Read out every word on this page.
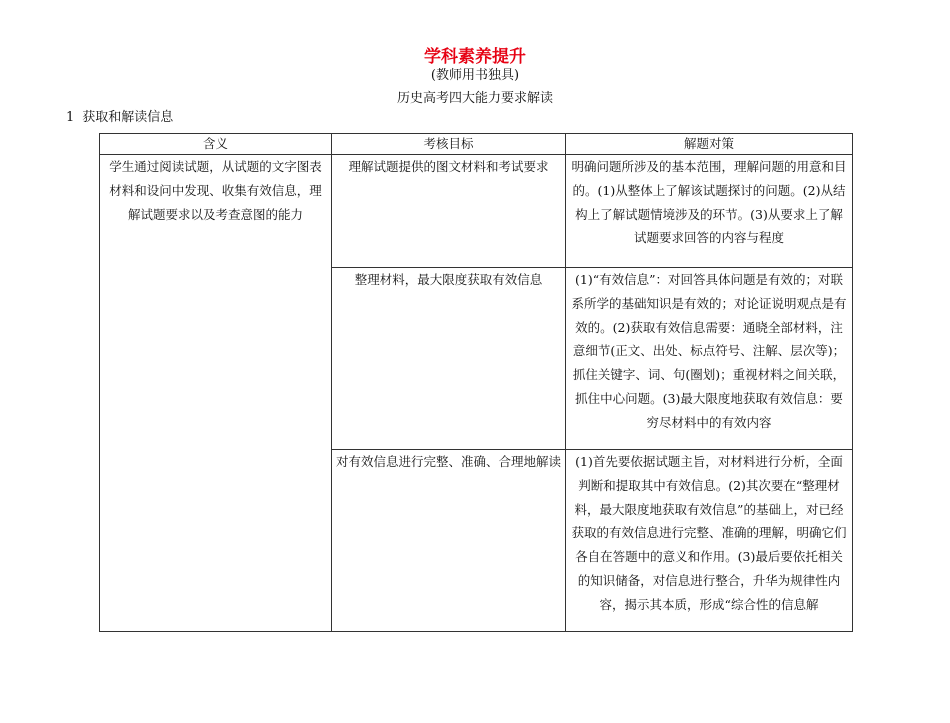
学科素养提升
(教师用书独具)
历史高考四大能力要求解读
1 获取和解读信息
含义	考核目标	解题对策
学生通过阅读试题，从试题的文字图表材料和设问中发现、收集有效信息，理解试题要求以及考查意图的能力	理解试题提供的图文材料和考试要求	明确问题所涉及的基本范围，理解问题的用意和目的。(1)从整体上了解该试题探讨的问题。(2)从结构上了解试题情境涉及的环节。(3)从要求上了解试题要求回答的内容与程度
	整理材料，最大限度获取有效信息	(1)“有效信息”：对回答具体问题是有效的；对联系所学的基础知识是有效的；对论证说明观点是有效的。(2)获取有效信息需要：通晓全部材料，注意细节(正文、出处、标点符号、注解、层次等)；抓住关键字、词、句(圈划)；重视材料之间关联，抓住中心问题。(3)最大限度地获取有效信息：要穷尽材料中的有效内容
	对有效信息进行完整、准确、合理地解读	(1)首先要依据试题主旨，对材料进行分析，全面判断和提取其中有效信息。(2)其次要在“整理材料，最大限度地获取有效信息”的基础上，对已经获取的有效信息进行完整、准确的理解，明确它们各自在答题中的意义和作用。(3)最后要依托相关的知识储备，对信息进行整合，升华为规律性内容，揭示其本质，形成“综合性的信息解
